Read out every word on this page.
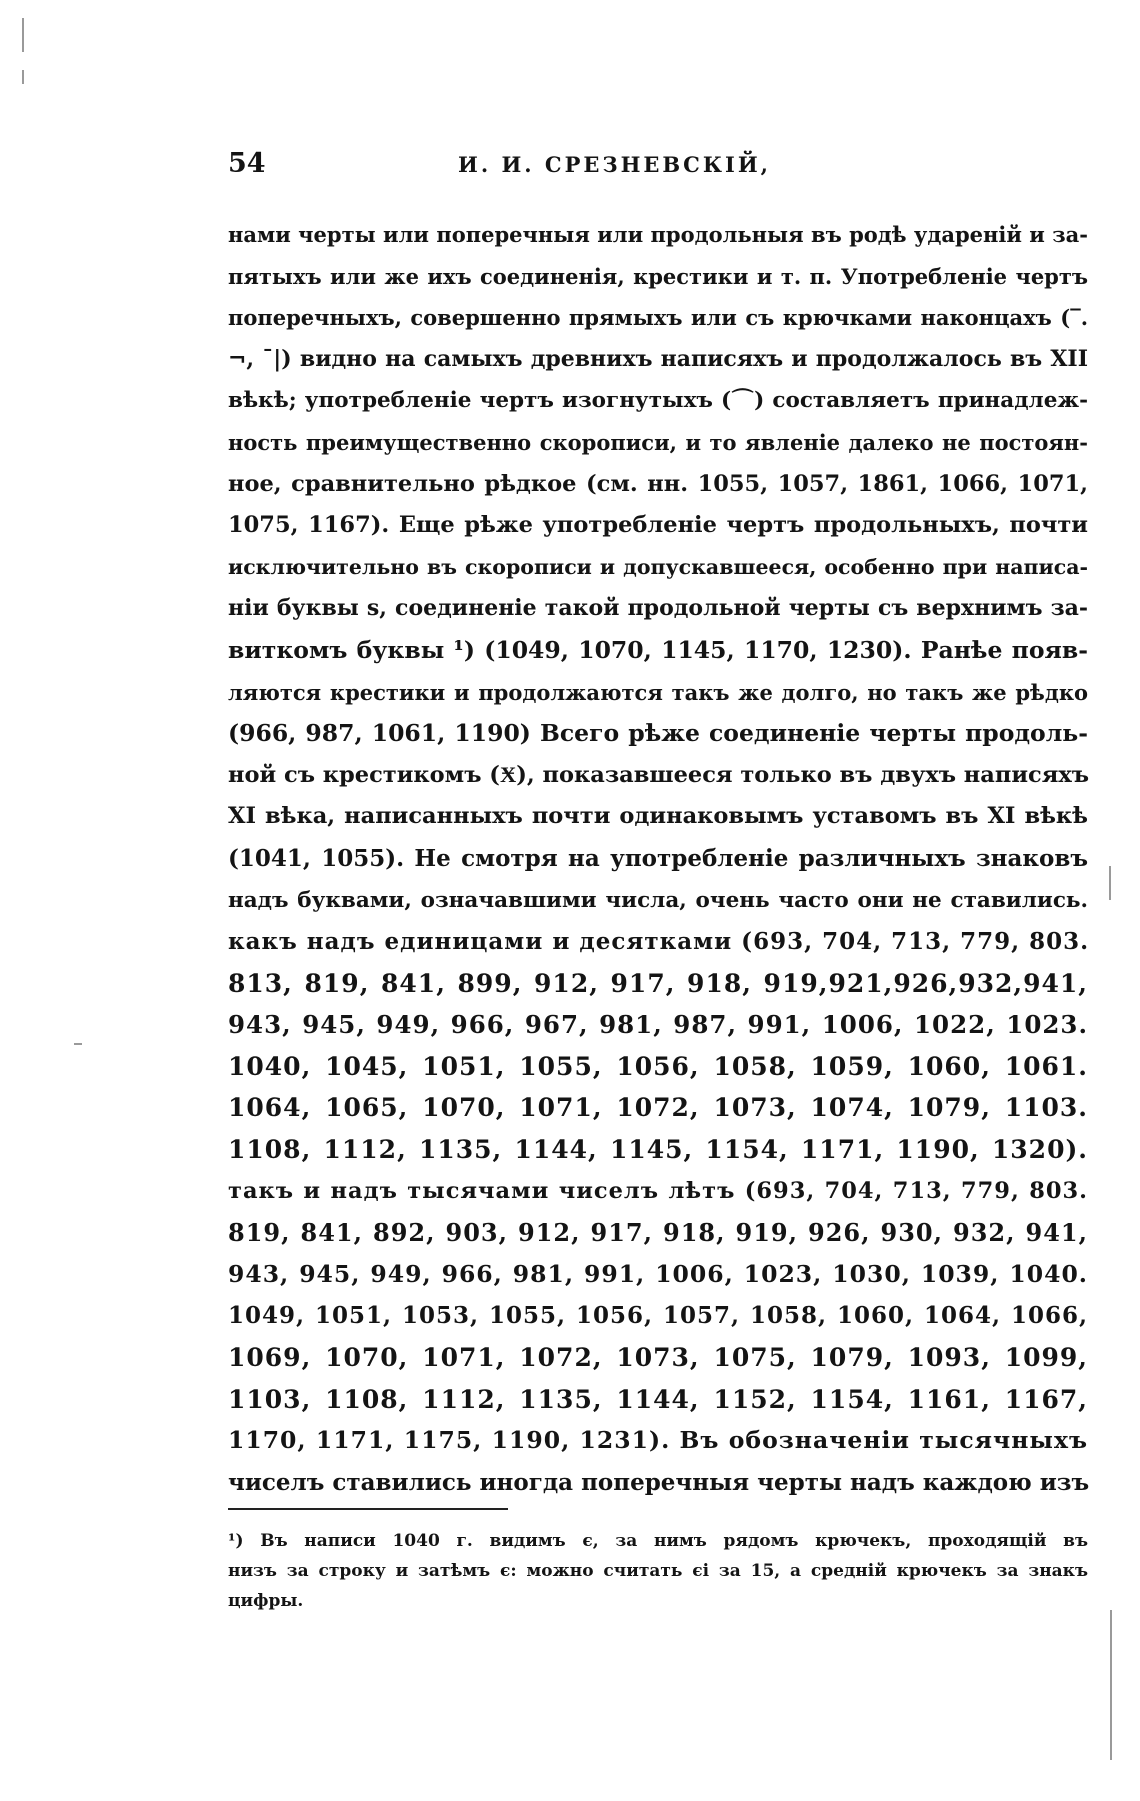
54	И. И. СРЕЗНЕВСКІЙ,
нами черты или поперечныя или продольныя въ родѣ удареній и за-
пятыхъ или же ихъ соединенія, крестики и т. п. Употребленіе чертъ
поперечныхъ, совершенно прямыхъ или съ крючками наконцахъ (‾.
¬, ¯|) видно на самыхъ древнихъ написяхъ и продолжалось въ XII
вѣкѣ; употребленіе чертъ изогнутыхъ (⌒) составляетъ принадлеж-
ность преимущественно скорописи, и то явленіе далеко не постоян-
ное, сравнительно рѣдкое (см. нн. 1055, 1057, 1861, 1066, 1071,
1075, 1167). Еще рѣже употребленіе чертъ продольныхъ, почти
исключительно въ скорописи и допускавшееся, особенно при написа-
ніи буквы ѕ, соединеніе такой продольной черты съ верхнимъ за-
виткомъ буквы ¹) (1049, 1070, 1145, 1170, 1230). Ранѣе появ-
ляются крестики и продолжаются такъ же долго, но такъ же рѣдко
(966, 987, 1061, 1190) Всего рѣже соединеніе черты продоль-
ной съ крестикомъ (Ӿ), показавшееся только въ двухъ написяхъ
XI вѣка, написанныхъ почти одинаковымъ уставомъ въ XI вѣкѣ
(1041, 1055). Не смотря на употребленіе различныхъ знаковъ
надъ буквами, означавшими числа, очень часто они не ставились.
какъ надъ единицами и десятками (693, 704, 713, 779, 803.
813, 819, 841, 899, 912, 917, 918, 919,921,926,932,941,
943, 945, 949, 966, 967, 981, 987, 991, 1006, 1022, 1023.
1040, 1045, 1051, 1055, 1056, 1058, 1059, 1060, 1061.
1064, 1065, 1070, 1071, 1072, 1073, 1074, 1079, 1103.
1108, 1112, 1135, 1144, 1145, 1154, 1171, 1190, 1320).
такъ и надъ тысячами чиселъ лѣтъ (693, 704, 713, 779, 803.
819, 841, 892, 903, 912, 917, 918, 919, 926, 930, 932, 941,
943, 945, 949, 966, 981, 991, 1006, 1023, 1030, 1039, 1040.
1049, 1051, 1053, 1055, 1056, 1057, 1058, 1060, 1064, 1066,
1069, 1070, 1071, 1072, 1073, 1075, 1079, 1093, 1099,
1103, 1108, 1112, 1135, 1144, 1152, 1154, 1161, 1167,
1170, 1171, 1175, 1190, 1231). Въ обозначеніи тысячныхъ
чиселъ ставились иногда поперечныя черты надъ каждою изъ
¹) Въ написи 1040 г. видимъ є, за нимъ рядомъ крючекъ, проходящій въ
низъ за строку и затѣмъ ϵ: можно считать єі за 15, а средній крючекъ за знакъ
цифры.
